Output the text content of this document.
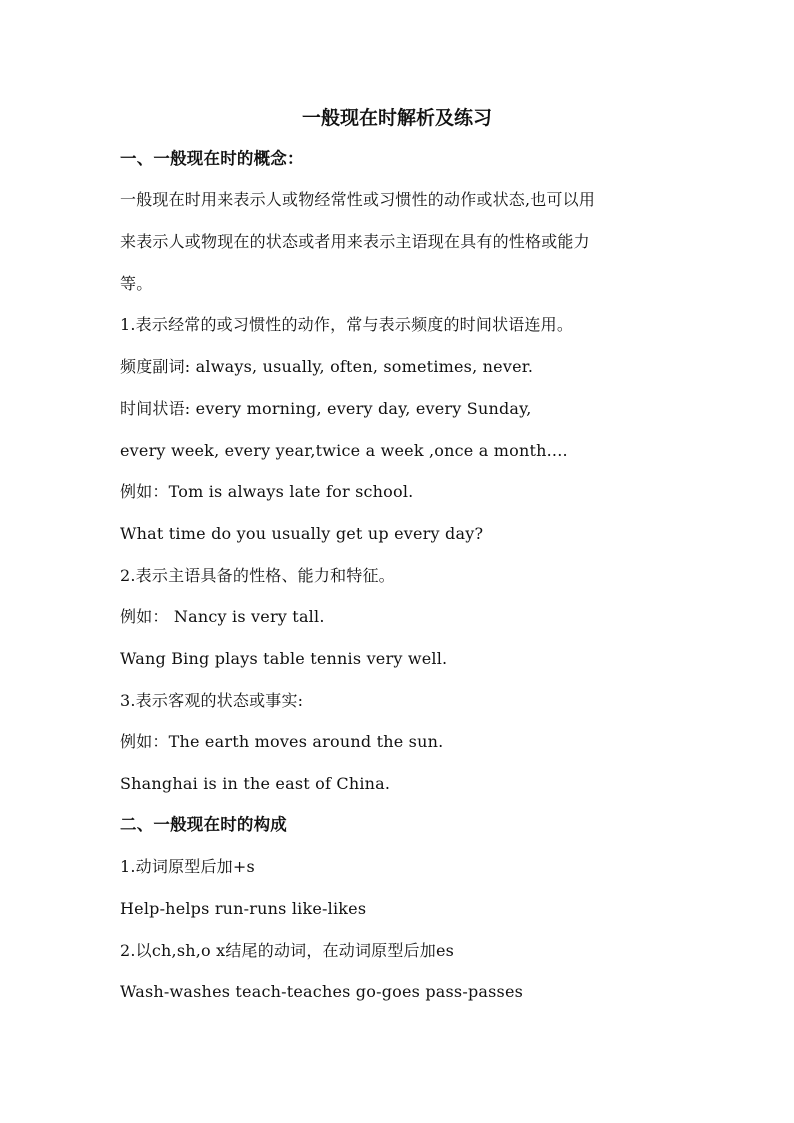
一般现在时解析及练习
一、一般现在时的概念：
一般现在时用来表示人或物经常性或习惯性的动作或状态,也可以用
来表示人或物现在的状态或者用来表示主语现在具有的性格或能力
等。
1.表示经常的或习惯性的动作，常与表示频度的时间状语连用。
频度副词: always, usually, often, sometimes, never.
时间状语: every morning, every day, every Sunday,
every week, every year,twice a week ,once a month....
例如：Tom is always late for school.
What time do you usually get up every day?
2.表示主语具备的性格、能力和特征。
例如： Nancy is very tall.
Wang Bing plays table tennis very well.
3.表示客观的状态或事实:
例如：The earth moves around the sun.
Shanghai is in the east of China.
二、一般现在时的构成
1.动词原型后加+s
Help-helps run-runs like-likes
2.以ch,sh,o x结尾的动词，在动词原型后加es
Wash-washes teach-teaches go-goes pass-passes
